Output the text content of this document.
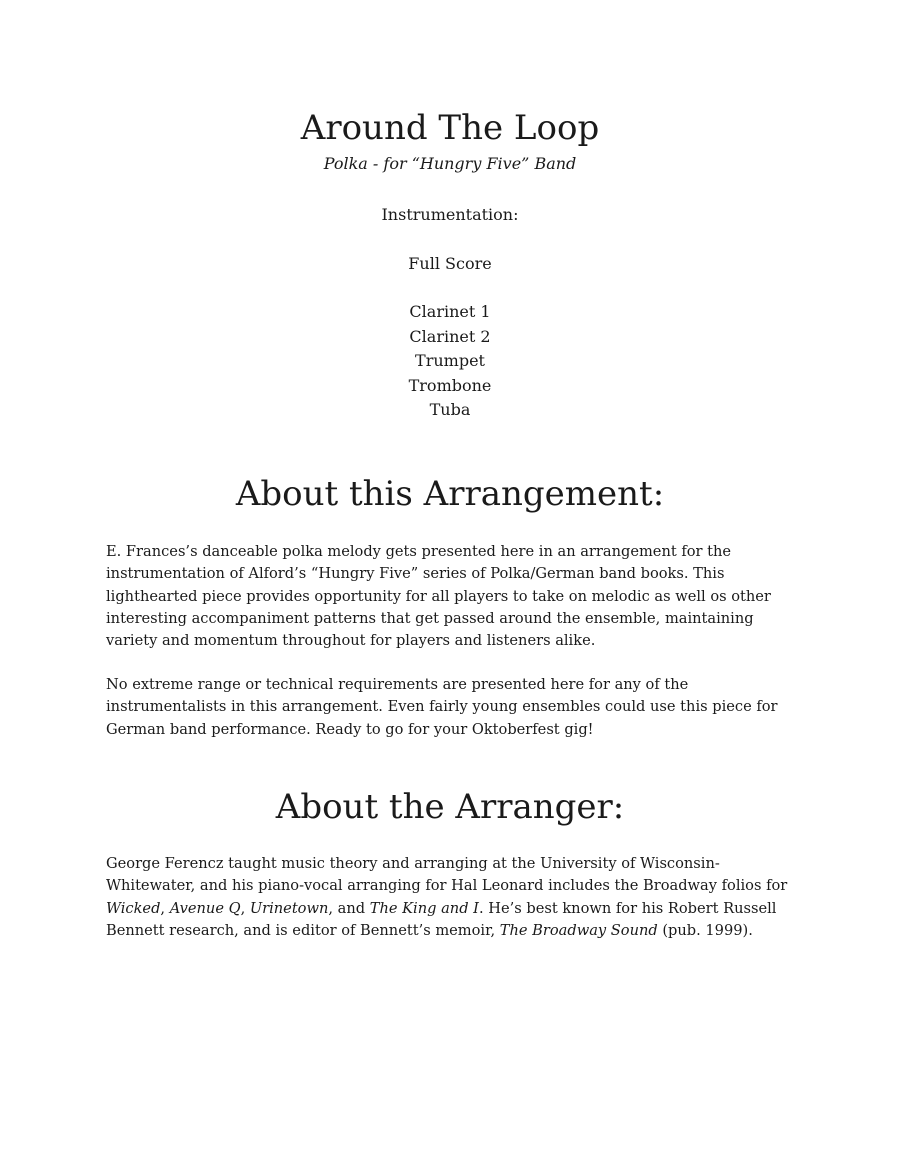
Around The Loop
Polka - for “Hungry Five” Band
Instrumentation:
Full Score
Clarinet 1
Clarinet 2
Trumpet
Trombone
Tuba
About this Arrangement:

E. Frances’s danceable polka melody gets presented here in an arrangement for the instrumentation of Alford’s “Hungry Five” series of Polka/German band books. This lighthearted piece provides opportunity for all players to take on melodic as well os other interesting accompaniment patterns that get passed around the ensemble, maintaining variety and momentum throughout for players and listeners alike.

No extreme range or technical requirements are presented here for any of the instrumentalists in this arrangement. Even fairly young ensembles could use this piece for German band performance. Ready to go for your Oktoberfest gig!

About the Arranger:

George Ferencz taught music theory and arranging at the University of Wisconsin-Whitewater, and his piano-vocal arranging for Hal Leonard includes the Broadway folios for Wicked, Avenue Q, Urinetown, and The King and I. He’s best known for his Robert Russell Bennett research, and is editor of Bennett’s memoir, The Broadway Sound (pub. 1999).
